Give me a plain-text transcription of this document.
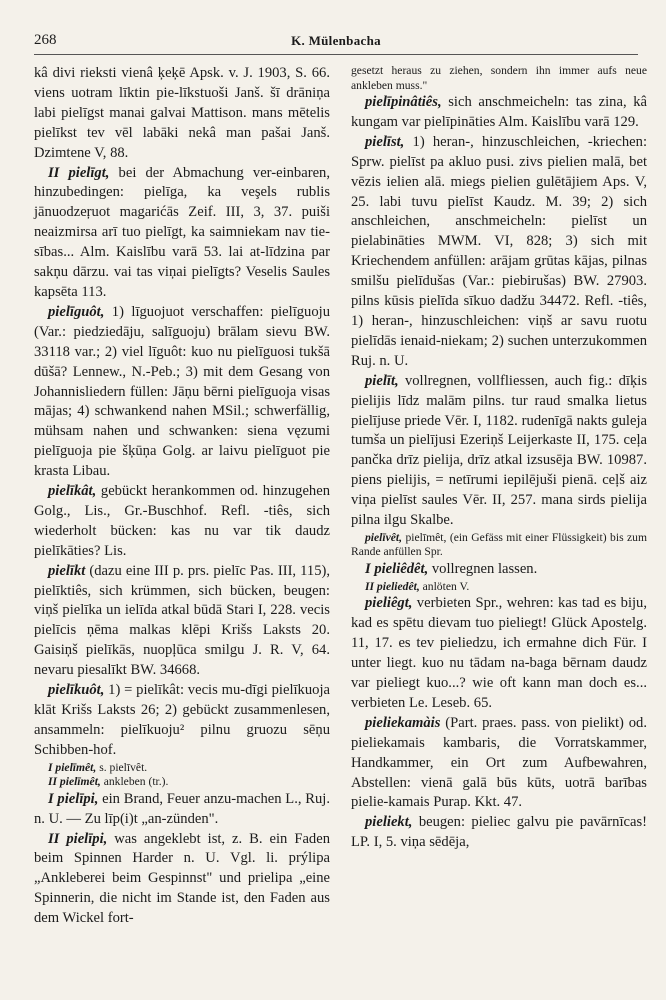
268	K. Mülenbacha

kâ divi rieksti vienâ ķeķē Apsk. v. J. 1903, S. 66. viens uotram līktin pie-līkstuoši Janš. šī drāniņa labi pielīgst manai galvai Mattison. mans mētelis pielīkst tev vēl labāki nekâ man pašai Janš. Dzimtene V, 88.

II pielīgt, bei der Abmachung ver-einbaren, hinzubedingen: pielīga, ka veşels rublis jānuodzeŗuot magarićās Zeif. III, 3, 37. puiši neaizmirsa arī tuo pielīgt, ka saimniekam nav tie-sības... Alm. Kaislību varā 53. lai at-līdzina par sakņu dārzu. vai tas viņai pielīgts? Veselis Saules kapsēta 113.

pielīguôt, 1) līguojuot verschaffen: pielīguoju (Var.: piedziedāju, salīguoju) brālam sievu BW. 33118 var.; 2) viel līguôt: kuo nu pielīguosi tukšā dūšā? Lennew., N.-Peb.; 3) mit dem Gesang von Johannisliedern füllen: Jāņu bērni pielīguoja visas mājas; 4) schwankend nahen MSil.; schwerfällig, mühsam nahen und schwanken: siena vęzumi pielīguoja pie šķūņa Golg. ar laivu pielīguot pie krasta Libau.

pielīkât, gebückt herankommen od. hinzugehen Golg., Lis., Gr.-Buschhof. Refl. -tiês, sich wiederholt bücken: kas nu var tik daudz pielīkāties? Lis.

pielīkt (dazu eine III p. prs. pielīc Pas. III, 115), pielīktiês, sich krümmen, sich bücken, beugen: viņš pielīka un ielīda atkal būdā Stari I, 228. vecis pielīcis ņēma malkas klēpi Krišs Laksts 20. Gaisiņš pielīkās, nuopļūca smilgu J. R. V, 64. nevaru piesalīkt BW. 34668.

pielīkuôt, 1) = pielīkât: vecis mu-dīgi pielīkuoja klāt Krišs Laksts 26; 2) gebückt zusammenlesen, ansammeln: pielīkuoju² pilnu gruozu sēņu Schibben-hof.

I pielīmêt, s. pielīvêt.

II pielīmêt, ankleben (tr.).

I pielīpi, ein Brand, Feuer anzu-machen L., Ruj. n. U. — Zu līp(i)t „an-zünden".

II pielīpi, was angeklebt ist, z. B. ein Faden beim Spinnen Harder n. U. Vgl. li. prýlipa „Ankleberei beim Gespinnst" und prielipa „eine Spinnerin, die nicht im Stande ist, den Faden aus dem Wickel fort-

gesetzt heraus zu ziehen, sondern ihn immer aufs neue ankleben muss."

pielīpinâtiês, sich anschmeicheln: tas zina, kâ kungam var pielīpināties Alm. Kaislību varā 129.

pielīst, 1) heran-, hinzuschleichen, -kriechen: Sprw. pielīst pa akluo pusi. zivs pielien malā, bet vēzis ielien alā. miegs pielien gulētājiem Aps. V, 25. labi tuvu pielīst Kaudz. M. 39; 2) sich anschleichen, anschmeicheln: pielīst un pielabināties MWM. VI, 828; 3) sich mit Kriechendem anfüllen: arājam grūtas kājas, pilnas smilšu pielīdušas (Var.: piebirušas) BW. 27903. pilns kūsis pielīda sīkuo dadžu 34472. Refl. -tiês, 1) heran-, hinzuschleichen: viņš ar savu ruotu pielīdās ienaid-niekam; 2) suchen unterzukommen Ruj. n. U.

pielīt, vollregnen, vollfliessen, auch fig.: dīķis pielijis līdz malām pilns. tur raud smalka lietus pielījuse priede Vēr. I, 1182. rudenīgā nakts guleja tumša un pielījusi Ezeriņš Leijerkaste II, 175. ceļa pančka drīz pielija, drīz atkal izsusēja BW. 10987. piens pielijis, = netīrumi iepilējuši pienā. ceļš aiz viņa pielīst saules Vēr. II, 257. mana sirds pielija pilna ilgu Skalbe.

pielīvêt, pielīmêt, (ein Gefäss mit einer Flüssigkeit) bis zum Rande anfüllen Spr.

I pieliêdêt, vollregnen lassen.

II pieliedêt, anlöten V.

pieliêgt, verbieten Spr., wehren: kas tad es biju, kad es spētu dievam tuo pieliegt! Glück Apostelg. 11, 17. es tev pieliedzu, ich ermahne dich Für. I unter liegt. kuo nu tādam na-baga bērnam daudz var pieliegt kuo...? wie oft kann man doch es... verbieten Le. Leseb. 65.

pieliekamàis (Part. praes. pass. von pielikt) od. pieliekamais kambaris, die Vorratskammer, Handkammer, ein Ort zum Aufbewahren, Abstellen: vienā galā būs kūts, uotrā barības pielie-kamais Purap. Kkt. 47.

pieliekt, beugen: pieliec galvu pie pavārnīcas! LP. I, 5. viņa sēdēja,
